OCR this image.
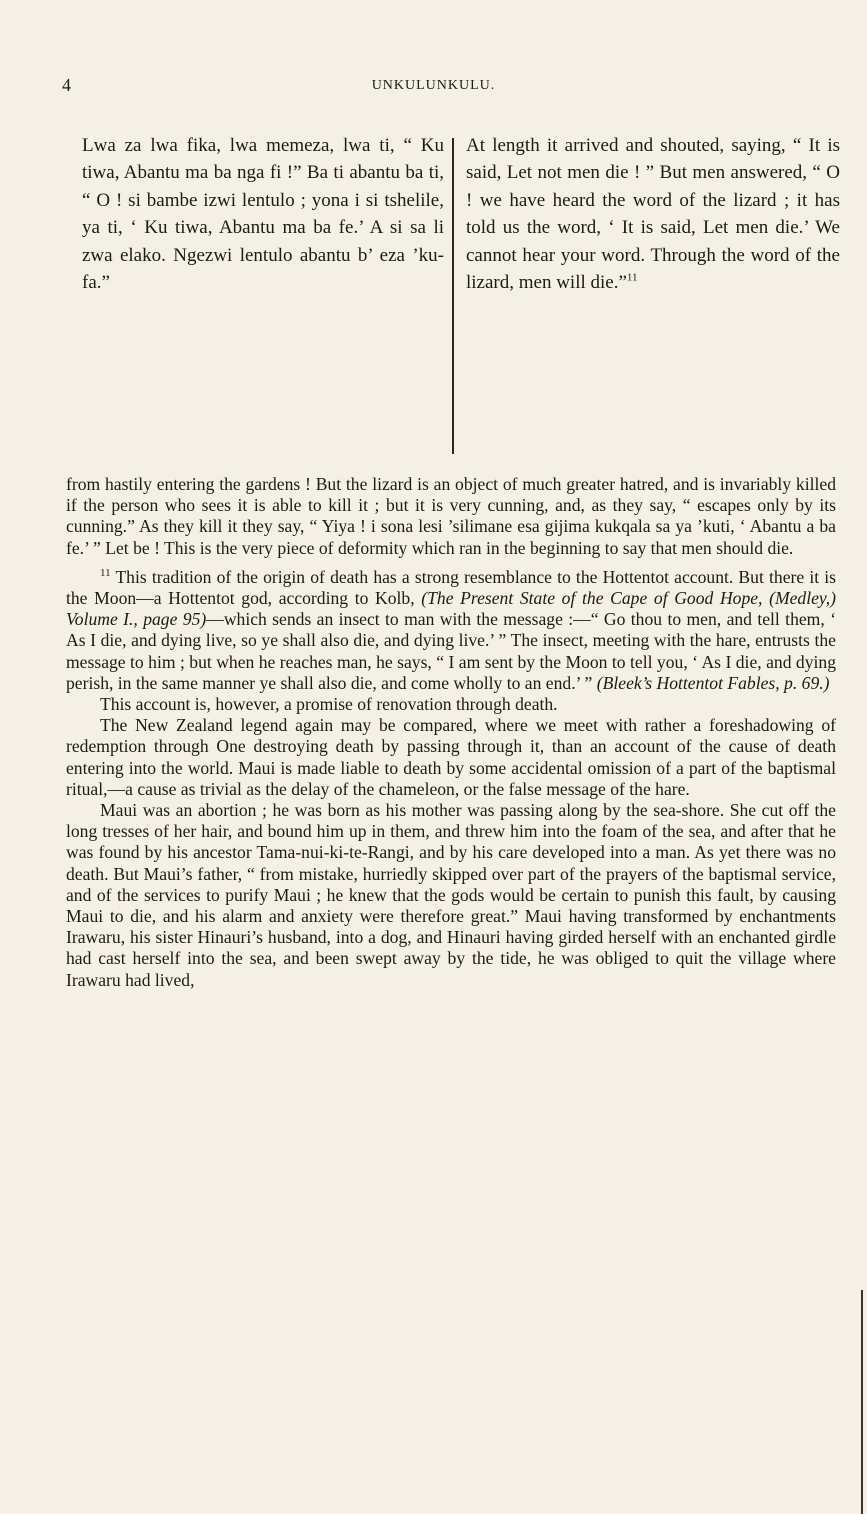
4	UNKULUNKULU.
Lwa za lwa fika, lwa memeza, lwa ti, “ Ku tiwa, Abantu ma ba nga fi !” Ba ti abantu ba ti, “ O ! si bambe izwi lentulo ; yona i si tshelile, ya ti, ‘ Ku tiwa, Abantu ma ba fe.’ A si sa li zwa elako. Ngezwi lentulo abantu b’ eza ’ku-fa.”
At length it arrived and shouted, saying, “ It is said, Let not men die ! ” But men answered, “ O ! we have heard the word of the lizard ; it has told us the word, ‘ It is said, Let men die.’ We cannot hear your word. Through the word of the lizard, men will die.”$^{11}$

from hastily entering the gardens ! But the lizard is an object of much greater hatred, and is invariably killed if the person who sees it is able to kill it ; but it is very cunning, and, as they say, “ escapes only by its cunning.” As they kill it they say, “ Yiya ! i sona lesi ’silimane esa gijima kukqala sa ya ’kuti, ‘ Abantu a ba fe.’ ” Let be ! This is the very piece of deformity which ran in the beginning to say that men should die.

$^{11}$ This tradition of the origin of death has a strong resemblance to the Hottentot account. But there it is the Moon—a Hottentot god, according to Kolb, (The Present State of the Cape of Good Hope, (Medley,) Volume I., page 95)—which sends an insect to man with the message :—“ Go thou to men, and tell them, ‘ As I die, and dying live, so ye shall also die, and dying live.’ ” The insect, meeting with the hare, entrusts the message to him ; but when he reaches man, he says, “ I am sent by the Moon to tell you, ‘ As I die, and dying perish, in the same manner ye shall also die, and come wholly to an end.’ ” (Bleek’s Hottentot Fables, p. 69.)

This account is, however, a promise of renovation through death.

The New Zealand legend again may be compared, where we meet with rather a foreshadowing of redemption through One destroying death by passing through it, than an account of the cause of death entering into the world. Maui is made liable to death by some accidental omission of a part of the baptismal ritual,—a cause as trivial as the delay of the chameleon, or the false message of the hare.

Maui was an abortion ; he was born as his mother was passing along by the sea-shore. She cut off the long tresses of her hair, and bound him up in them, and threw him into the foam of the sea, and after that he was found by his ancestor Tama-nui-ki-te-Rangi, and by his care developed into a man. As yet there was no death. But Maui’s father, “ from mistake, hurriedly skipped over part of the prayers of the baptismal service, and of the services to purify Maui ; he knew that the gods would be certain to punish this fault, by causing Maui to die, and his alarm and anxiety were therefore great.” Maui having transformed by enchantments Irawaru, his sister Hinauri’s husband, into a dog, and Hinauri having girded herself with an enchanted girdle had cast herself into the sea, and been swept away by the tide, he was obliged to quit the village where Irawaru had lived,
